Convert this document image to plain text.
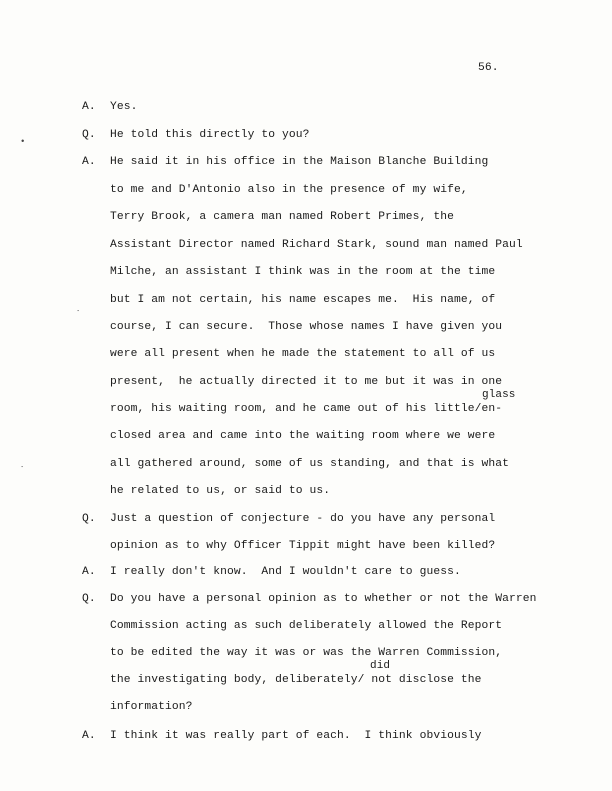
56.
A. Yes.
Q. He told this directly to you?
A. He said it in his office in the Maison Blanche Building
to me and D'Antonio also in the presence of my wife,
Terry Brook, a camera man named Robert Primes, the
Assistant Director named Richard Stark, sound man named Paul
Milche, an assistant I think was in the room at the time
but I am not certain, his name escapes me.  His name, of
course, I can secure.  Those whose names I have given you
were all present when he made the statement to all of us
present,  he actually directed it to me but it was in one
glass
room, his waiting room, and he came out of his little/en-
closed area and came into the waiting room where we were
all gathered around, some of us standing, and that is what
he related to us, or said to us.
Q. Just a question of conjecture - do you have any personal
opinion as to why Officer Tippit might have been killed?
A. I really don't know.  And I wouldn't care to guess.
Q. Do you have a personal opinion as to whether or not the Warren
Commission acting as such deliberately allowed the Report
to be edited the way it was or was the Warren Commission,
did
the investigating body, deliberately/ not disclose the
information?
A. I think it was really part of each.  I think obviously
•
⋅
⋅
